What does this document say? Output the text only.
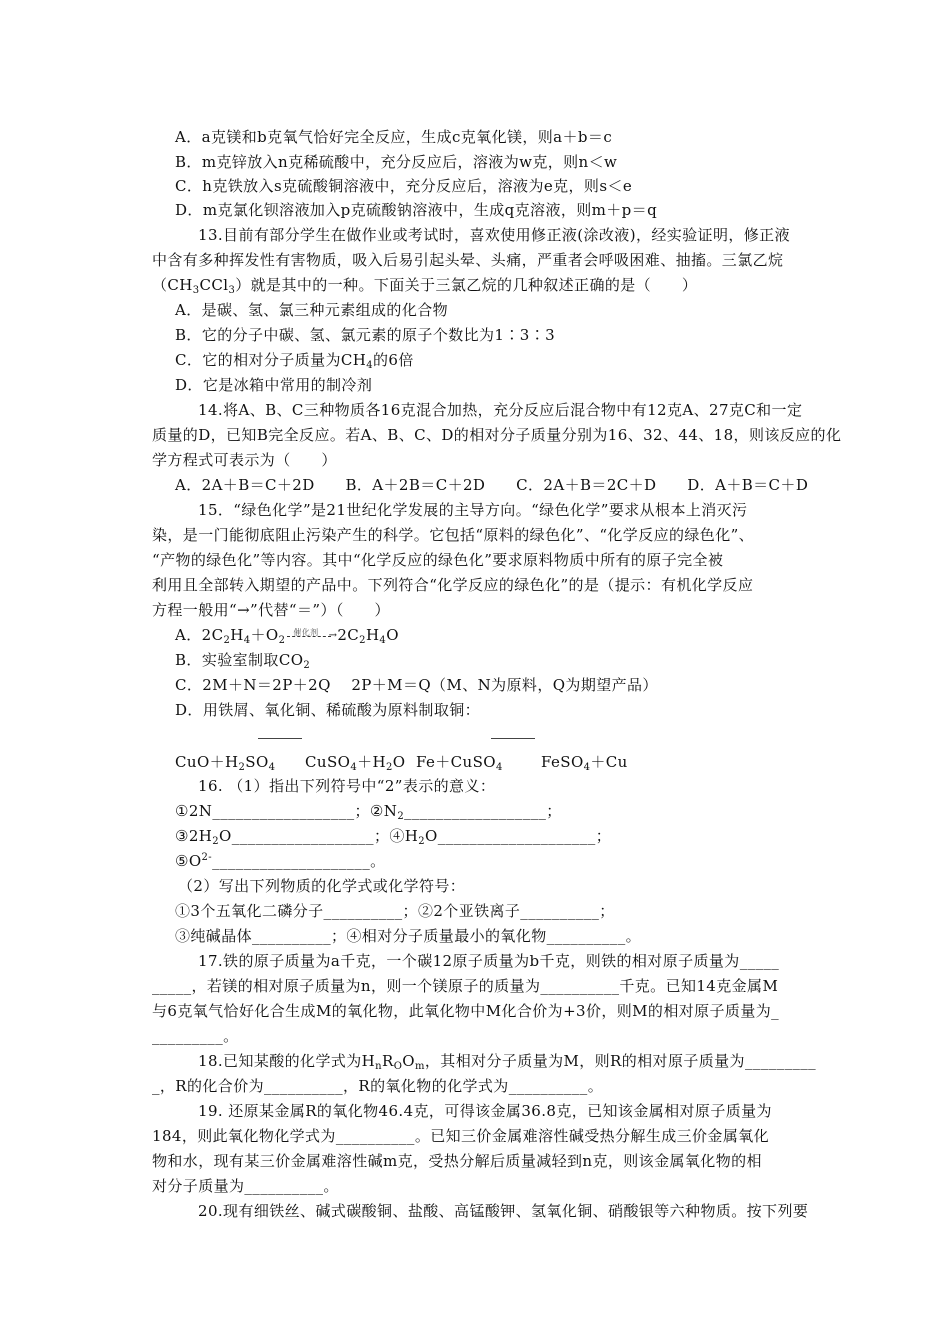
A．a克镁和b克氧气恰好完全反应，生成c克氧化镁，则a＋b＝c
B．m克锌放入n克稀硫酸中，充分反应后，溶液为w克，则n＜w
C．h克铁放入s克硫酸铜溶液中，充分反应后，溶液为e克，则s＜e
D．m克氯化钡溶液加入p克硫酸钠溶液中，生成q克溶液，则m＋p＝q
13.目前有部分学生在做作业或考试时，喜欢使用修正液(涂改液)，经实验证明，修正液
中含有多种挥发性有害物质，吸入后易引起头晕、头痛，严重者会呼吸困难、抽搐。三氯乙烷
$(CH_3CCl_3)$就是其中的一种。下面关于三氯乙烷的几种叙述正确的是（　　）
A．是碳、氢、氯三种元素组成的化合物
B．它的分子中碳、氢、氯元素的原子个数比为1∶3∶3
C．它的相对分子质量为$CH_4$的6倍
D．它是冰箱中常用的制冷剂
14.将A、B、C三种物质各16克混合加热，充分反应后混合物中有12克A、27克C和一定
质量的D，已知B完全反应。若A、B、C、D的相对分子质量分别为16、32、44、18，则该反应的化
学方程式可表示为（　　）
A．2A＋B＝C＋2D　　B．A＋2B＝C＋2D　　C．2A＋B＝2C＋D　　D．A＋B＝C＋D
15．“绿色化学”是21世纪化学发展的主导方向。“绿色化学”要求从根本上消灭污
染，是一门能彻底阻止污染产生的科学。它包括“原料的绿色化”、“化学反应的绿色化”、
“产物的绿色化”等内容。其中“化学反应的绿色化”要求原料物质中所有的原子完全被
利用且全部转入期望的产品中。下列符合“化学反应的绿色化”的是（提示：有机化学反应
方程一般用“→”代替“＝”）（　　）
A．$2C_2H_4+O_2$
催化剂 → $2C_2H_4O$
B．实验室制取$CO_2$
C．2M＋N＝2P＋2Q　 2P＋M＝Q（M、N为原料，Q为期望产品）
D．用铁屑、氧化铜、稀硫酸为原料制取铜：
$CuO+H_2SO_4$ $CuSO_4+H_2O$ Fe＋CuSO$_4$	FeSO$_4$＋Cu
16. （1）指出下列符号中“2”表示的意义：
①2N__________________；$②N_2\_\_\_\_\_\_\_\_\_\_\_\_\_\_\_\_\_\_$；
$③2H_2O\_\_\_\_\_\_\_\_\_\_\_\_\_\_\_\_\_\_$；$④H_2O\_\_\_\_\_\_\_\_\_\_\_\_\_\_\_\_\_\_\_\_$；
$⑤O^{2-}\_\_\_\_\_\_\_\_\_\_\_\_\_\_\_\_\_\_\_\_$。
（2）写出下列物质的化学式或化学符号：
①3个五氧化二磷分子__________；②2个亚铁离子__________；
③纯碱晶体__________；④相对分子质量最小的氧化物__________。
17.铁的原子质量为a千克，一个碳12原子质量为b千克，则铁的相对原子质量为_____
_____，若镁的相对原子质量为n，则一个镁原子的质量为__________千克。已知14克金属M
与6克氧气恰好化合生成M的氧化物，此氧化物中M化合价为+3价，则M的相对原子质量为_
_________。
18.已知某酸的化学式为$H_nR_OO_m$，其相对分子质量为M，则R的相对原子质量为_________
_，R的化合价为__________，R的氧化物的化学式为__________。
19. 还原某金属R的氧化物46.4克，可得该金属36.8克，已知该金属相对原子质量为
184，则此氧化物化学式为__________。已知三价金属难溶性碱受热分解生成三价金属氧化
物和水，现有某三价金属难溶性碱m克，受热分解后质量减轻到n克，则该金属氧化物的相
对分子质量为__________。
20.现有细铁丝、碱式碳酸铜、盐酸、高锰酸钾、氢氧化铜、硝酸银等六种物质。按下列要
